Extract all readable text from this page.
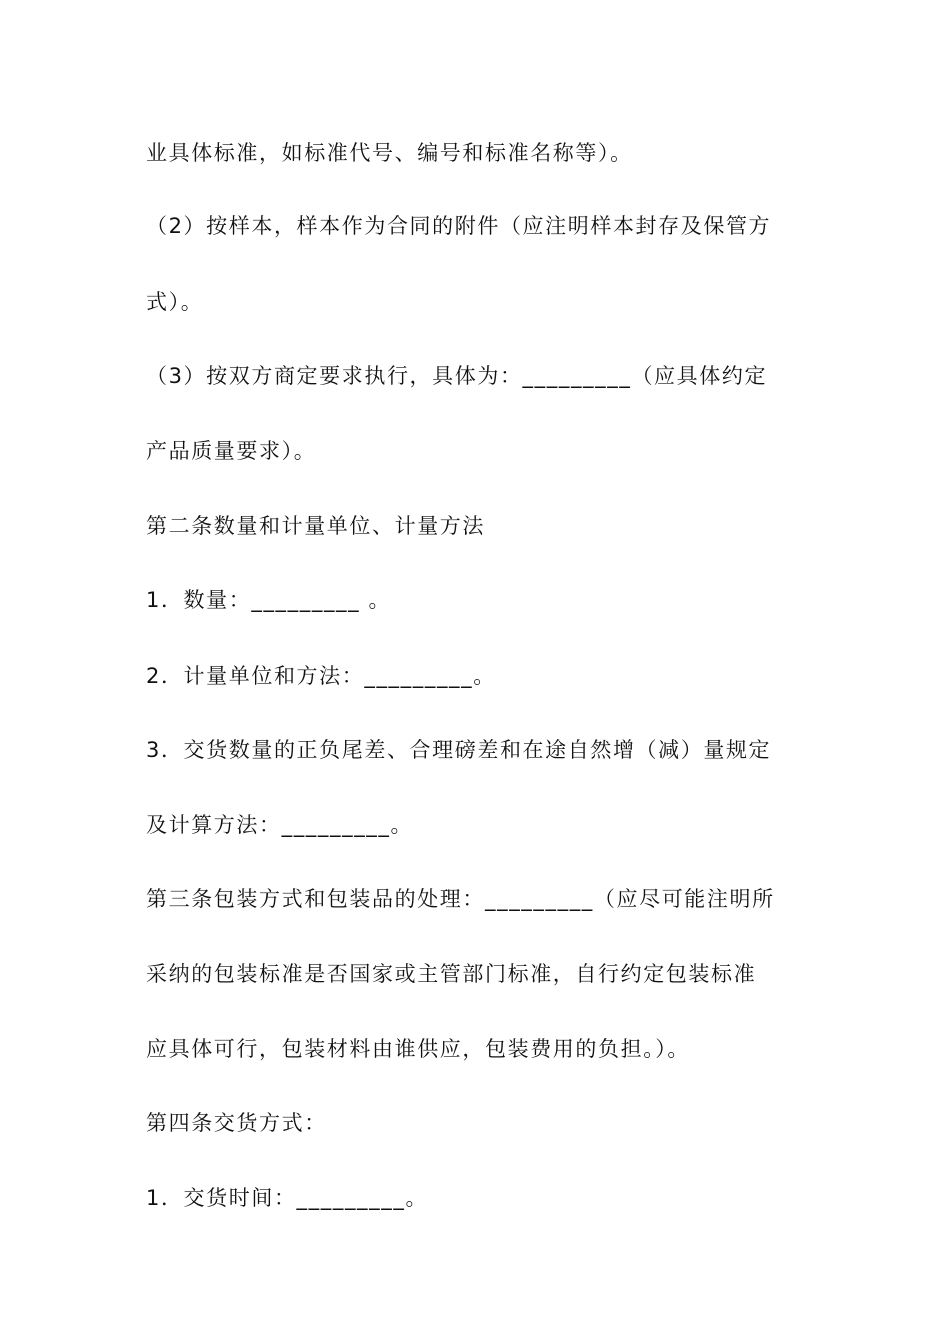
业具体标准，如标准代号、编号和标准名称等）。
（2）按样本，样本作为合同的附件（应注明样本封存及保管方
式）。
（3）按双方商定要求执行，具体为：_________（应具体约定
产品质量要求）。
第二条数量和计量单位、计量方法
1．数量：_________ 。
2．计量单位和方法：_________。
3．交货数量的正负尾差、合理磅差和在途自然增（减）量规定
及计算方法：_________。
第三条包装方式和包装品的处理：_________（应尽可能注明所
采纳的包装标准是否国家或主管部门标准，自行约定包装标准
应具体可行，包装材料由谁供应，包装费用的负担。）。
第四条交货方式：
1．交货时间：_________。
